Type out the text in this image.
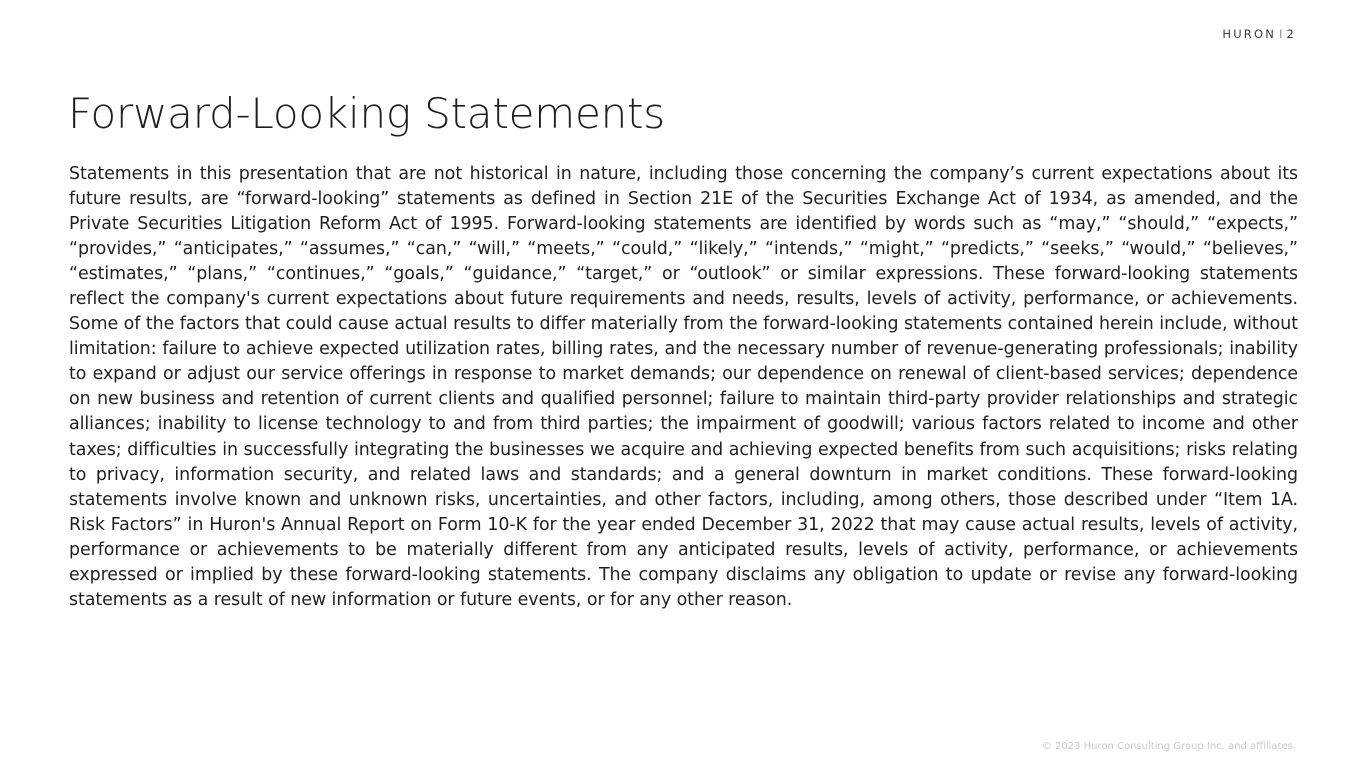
HURON I 2
Forward-Looking Statements

Statements in this presentation that are not historical in nature, including those concerning the company’s current expectations about its future results, are “forward-looking” statements as defined in Section 21E of the Securities Exchange Act of 1934, as amended, and the Private Securities Litigation Reform Act of 1995. Forward-looking statements are identified by words such as “may,” “should,” “expects,” “provides,” “anticipates,” “assumes,” “can,” “will,” “meets,” “could,” “likely,” “intends,” “might,” “predicts,” “seeks,” “would,” “believes,” “estimates,” “plans,” “continues,” “goals,” “guidance,” “target,” or “outlook” or similar expressions. These forward-looking statements reflect the company's current expectations about future requirements and needs, results, levels of activity, performance, or achievements. Some of the factors that could cause actual results to differ materially from the forward-looking statements contained herein include, without limitation: failure to achieve expected utilization rates, billing rates, and the necessary number of revenue-generating professionals; inability to expand or adjust our service offerings in response to market demands; our dependence on renewal of client-based services; dependence on new business and retention of current clients and qualified personnel; failure to maintain third-party provider relationships and strategic alliances; inability to license technology to and from third parties; the impairment of goodwill; various factors related to income and other taxes; difficulties in successfully integrating the businesses we acquire and achieving expected benefits from such acquisitions; risks relating to privacy, information security, and related laws and standards; and a general downturn in market conditions. These forward-looking statements involve known and unknown risks, uncertainties, and other factors, including, among others, those described under “Item 1A. Risk Factors” in Huron's Annual Report on Form 10-K for the year ended December 31, 2022 that may cause actual results, levels of activity, performance or achievements to be materially different from any anticipated results, levels of activity, performance, or achievements expressed or implied by these forward-looking statements. The company disclaims any obligation to update or revise any forward-looking statements as a result of new information or future events, or for any other reason.

© 2023 Huron Consulting Group Inc. and affiliates.
